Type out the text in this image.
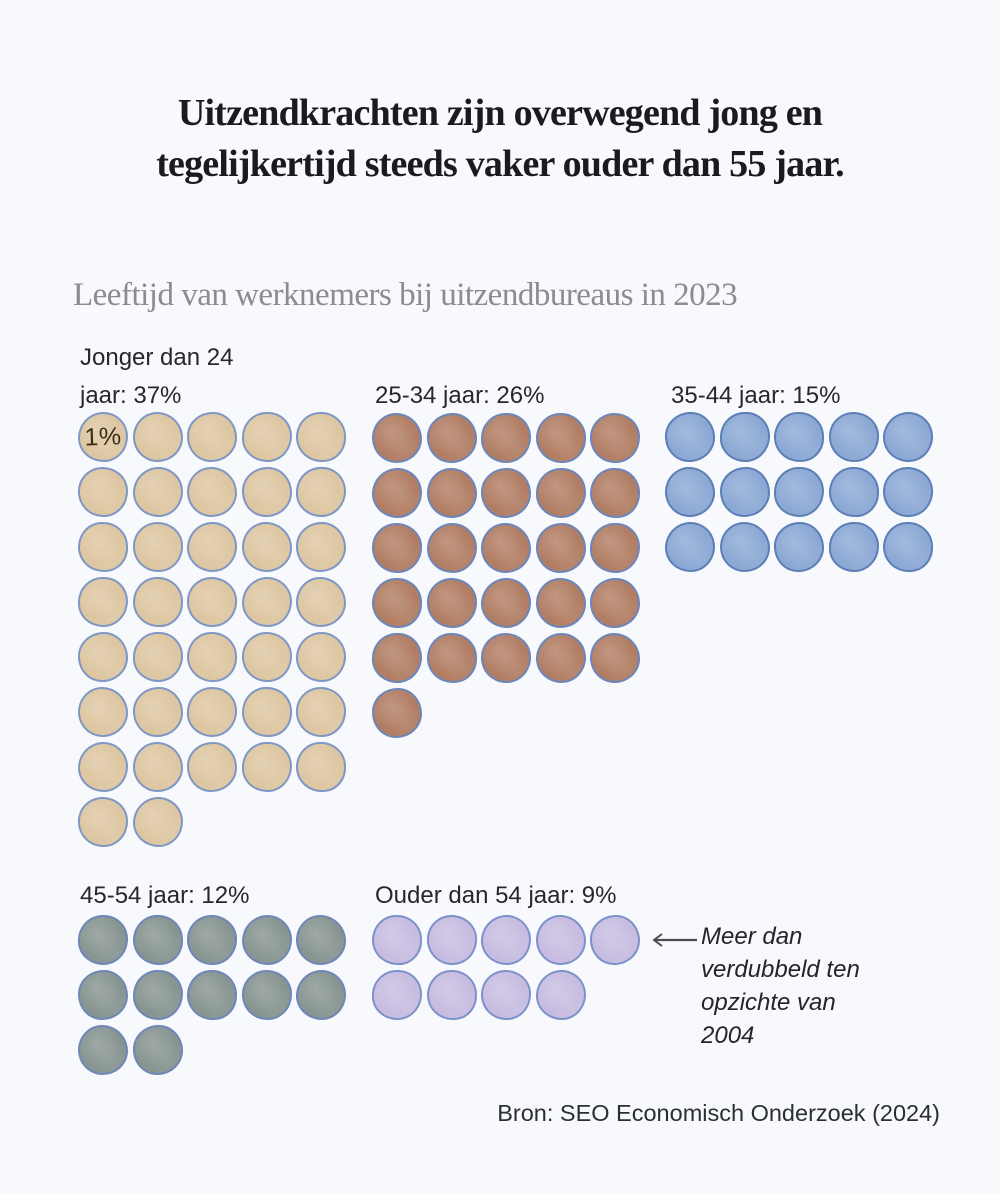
Uitzendkrachten zijn overwegend jong en
tegelijkertijd steeds vaker ouder dan 55 jaar.
Leeftijd van werknemers bij uitzendbureaus in 2023
Jonger dan 24
jaar: 37%
1%
25-34 jaar: 26%	35-44 jaar: 15%
45-54 jaar: 12%	Ouder dan 54 jaar: 9%
Meer dan
verdubbeld ten
opzichte van
2004
Bron: SEO Economisch Onderzoek (2024)
